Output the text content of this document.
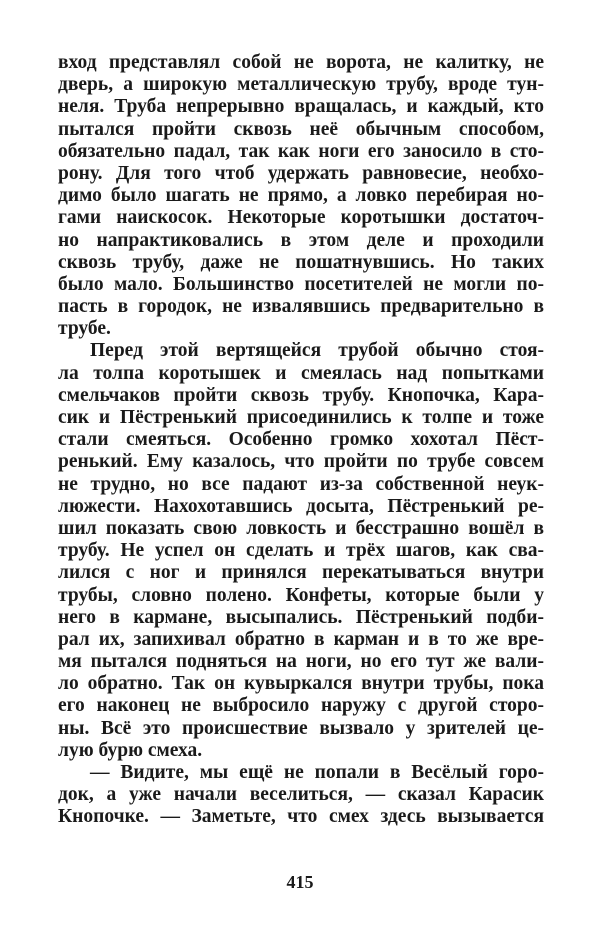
вход представлял собой не ворота, не калитку, не
дверь, а широкую металлическую трубу, вроде тун-
неля. Труба непрерывно вращалась, и каждый, кто
пытался пройти сквозь неё обычным способом,
обязательно падал, так как ноги его заносило в сто-
рону. Для того чтоб удержать равновесие, необхо-
димо было шагать не прямо, а ловко перебирая но-
гами наискосок. Некоторые коротышки достаточ-
но напрактиковались в этом деле и проходили
сквозь трубу, даже не пошатнувшись. Но таких
было мало. Большинство посетителей не могли по-
пасть в городок, не извалявшись предварительно в
трубе.
Перед этой вертящейся трубой обычно стоя-
ла толпа коротышек и смеялась над попытками
смельчаков пройти сквозь трубу. Кнопочка, Кара-
сик и Пёстренький присоединились к толпе и тоже
стали смеяться. Особенно громко хохотал Пёст-
ренький. Ему казалось, что пройти по трубе совсем
не трудно, но все падают из-за собственной неук-
люжести. Нахохотавшись досыта, Пёстренький ре-
шил показать свою ловкость и бесстрашно вошёл в
трубу. Не успел он сделать и трёх шагов, как сва-
лился с ног и принялся перекатываться внутри
трубы, словно полено. Конфеты, которые были у
него в кармане, высыпались. Пёстренький подби-
рал их, запихивал обратно в карман и в то же вре-
мя пытался подняться на ноги, но его тут же вали-
ло обратно. Так он кувыркался внутри трубы, пока
его наконец не выбросило наружу с другой сторо-
ны. Всё это происшествие вызвало у зрителей це-
лую бурю смеха.
— Видите, мы ещё не попали в Весёлый горо-
док, а уже начали веселиться, — сказал Карасик
Кнопочке. — Заметьте, что смех здесь вызывается
415
